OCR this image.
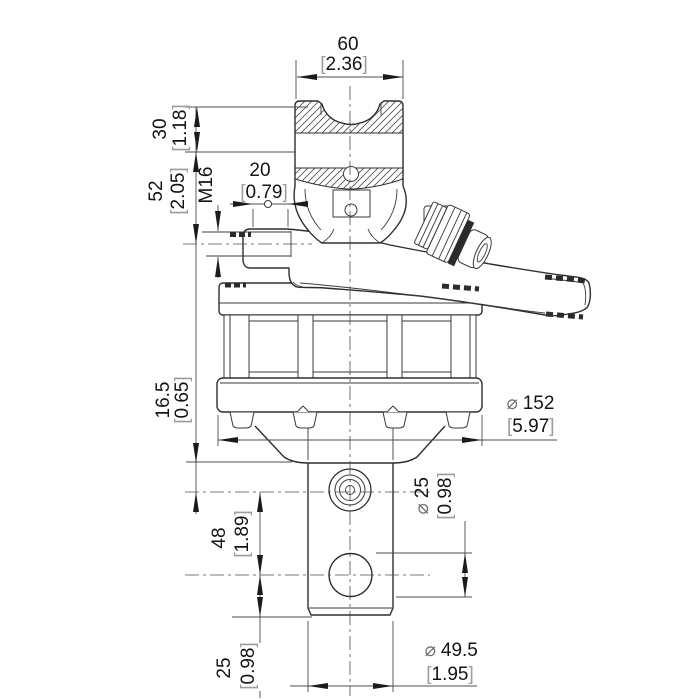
60
[2.36]
30
[1.18]
52
[2.05] M16 20
[0.79]
⌀ 152
[5.97]
16.5
[0.65]
48
[1.89]	⌀ 25
[0.98]
25
[0.98]	⌀ 49.5
[1.95]
